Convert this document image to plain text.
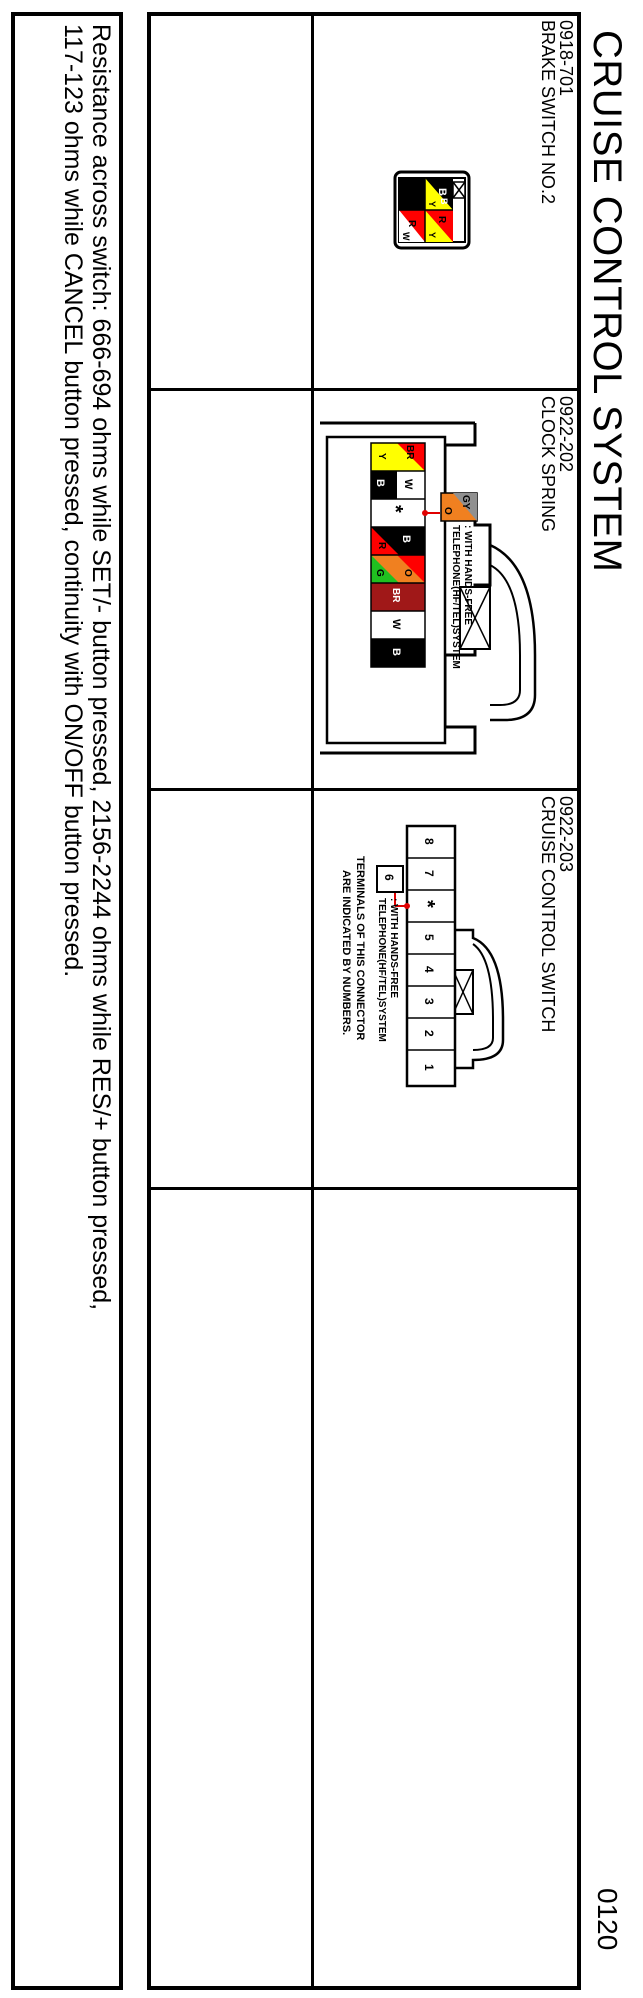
CRUISE CONTROL SYSTEM
0120
0918-701
BRAKE SWITCH NO.2
B
B
Y
R
Y
R
W
0922-202
CLOCK SPRING
BR
Y
W
B
*
B
R
O
G
BR
W
B
GY
O
: WITH HANDS-FREE
TELEPHONE(HF/TEL)SYSTEM
0922-203
CRUISE CONTROL SWITCH
8
7
*
5
4
3
2
1
6
: WITH HANDS-FREE
TELEPHONE(HF/TEL)SYSTEM
TERMINALS OF THIS CONNECTOR
ARE INDICATED BY NUMBERS.
Resistance across switch: 666-694 ohms while SET/- button pressed, 2156-2244 ohms while RES/+ button pressed,
117-123 ohms while CANCEL button pressed, continuity with ON/OFF button pressed.
